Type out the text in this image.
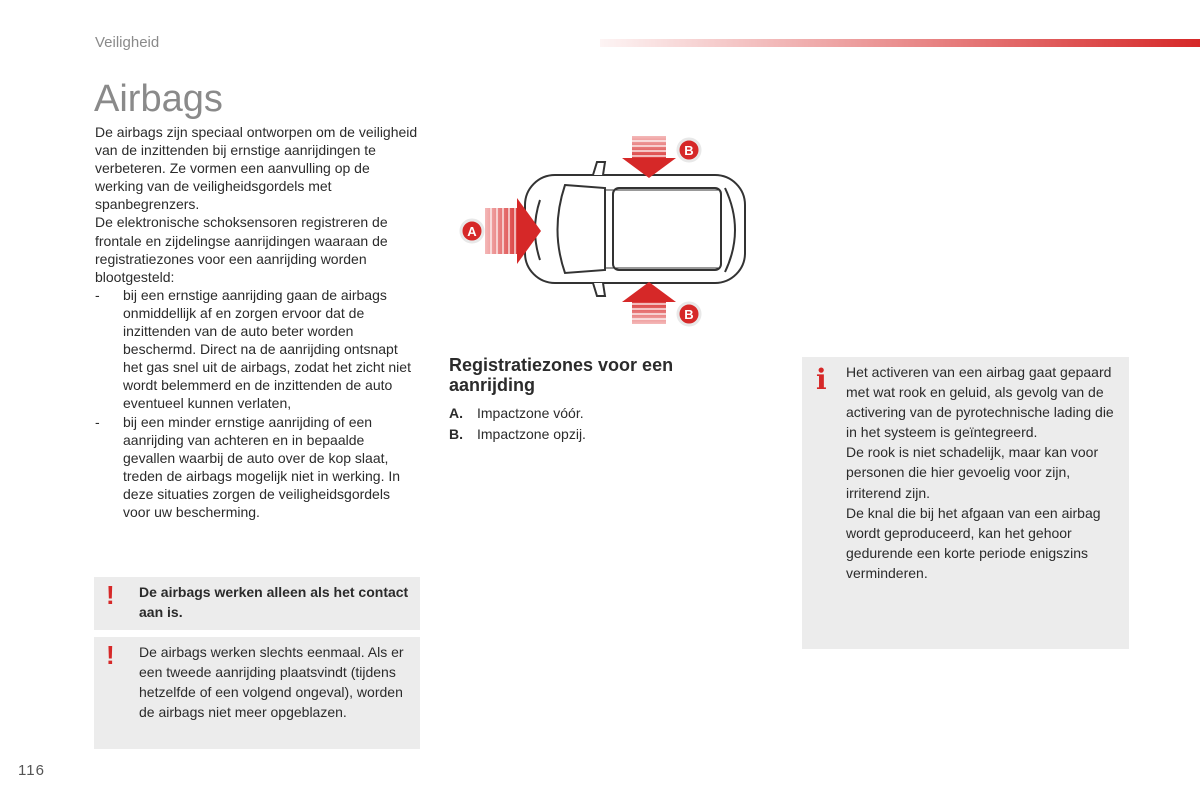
Veiligheid
Airbags

De airbags zijn speciaal ontworpen om de veiligheid van de inzittenden bij ernstige aanrijdingen te verbeteren. Ze vormen een aanvulling op de werking van de veiligheidsgordels met spanbegrenzers.

De elektronische schoksensoren registreren de frontale en zijdelingse aanrijdingen waaraan de registratiezones voor een aanrijding worden blootgesteld:

-	bij een ernstige aanrijding gaan de airbags onmiddellijk af en zorgen ervoor dat de inzittenden van de auto beter worden beschermd. Direct na de aanrijding ontsnapt het gas snel uit de airbags, zodat het zicht niet wordt belemmerd en de inzittenden de auto eventueel kunnen verlaten,
-	bij een minder ernstige aanrijding of een aanrijding van achteren en in bepaalde gevallen waarbij de auto over de kop slaat, treden de airbags mogelijk niet in werking. In deze situaties zorgen de veiligheidsgordels voor uw bescherming.
! De airbags werken alleen als het contact aan is.
! De airbags werken slechts eenmaal. Als er een tweede aanrijding plaatsvindt (tijdens hetzelfde of een volgend ongeval), worden de airbags niet meer opgeblazen.
A
B
B
Registratiezones voor een aanrijding
A.	Impactzone vóór.
B.	Impactzone opzij.
i Het activeren van een airbag gaat gepaard met wat rook en geluid, als gevolg van de activering van de pyrotechnische lading die in het systeem is geïntegreerd.

De rook is niet schadelijk, maar kan voor personen die hier gevoelig voor zijn, irriterend zijn.

De knal die bij het afgaan van een airbag wordt geproduceerd, kan het gehoor gedurende een korte periode enigszins verminderen.

116
